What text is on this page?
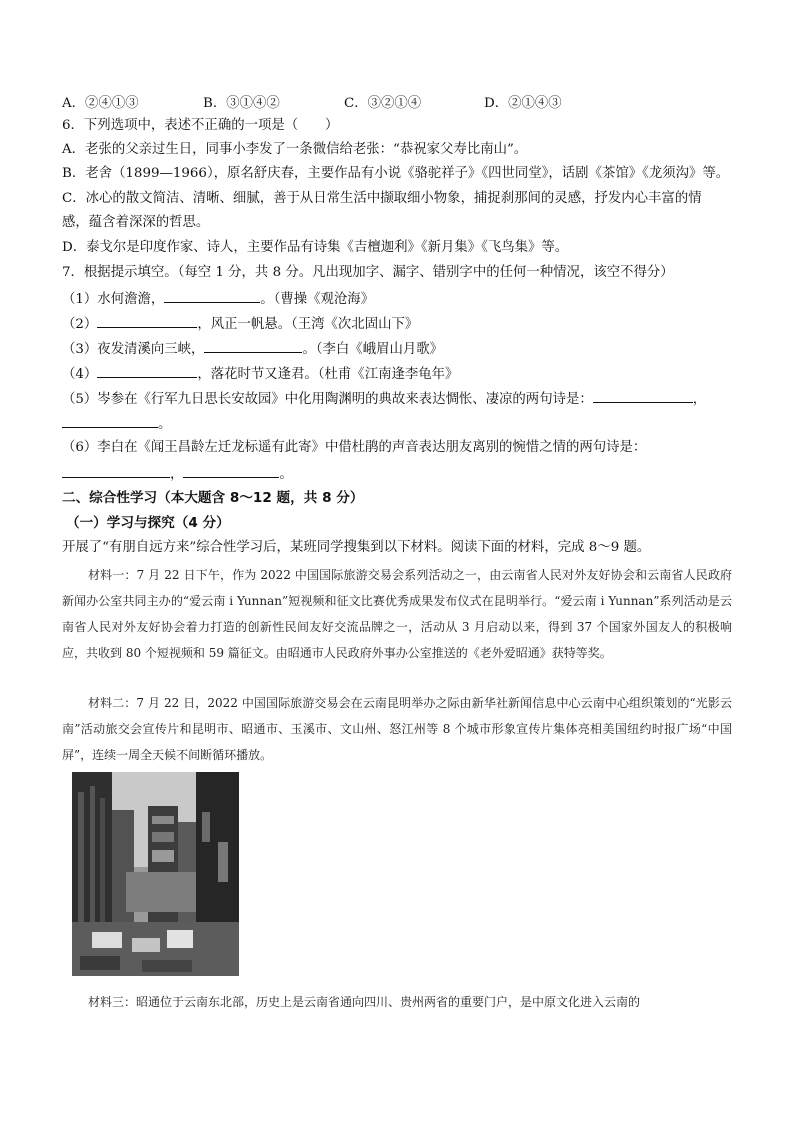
A．②④①③	B．③①④②	C．③②①④	D．②①④③
6．下列选项中，表述不正确的一项是（　　）
A．老张的父亲过生日，同事小李发了一条微信给老张：“恭祝家父寿比南山”。
B．老舍（1899—1966），原名舒庆春，主要作品有小说《骆驼祥子》《四世同堂》，话剧《茶馆》《龙须沟》等。
C．冰心的散文简洁、清晰、细腻，善于从日常生活中撷取细小物象，捕捉刹那间的灵感，抒发内心丰富的情
感，蕴含着深深的哲思。
D．泰戈尔是印度作家、诗人，主要作品有诗集《吉檀迦利》《新月集》《飞鸟集》等。
7．根据提示填空。（每空 1 分，共 8 分。凡出现加字、漏字、错别字中的任何一种情况，该空不得分）
（1）水何澹澹，	。（曹操《观沧海》
（2）	，风正一帆悬。（王湾《次北固山下》
（3）夜发清溪向三峡，	。（李白《峨眉山月歌》
（4）	，落花时节又逢君。（杜甫《江南逢李龟年》
（5）岑参在《行军九日思长安故园》中化用陶渊明的典故来表达惆怅、凄凉的两句诗是：	，
。
（6）李白在《闻王昌龄左迁龙标遥有此寄》中借杜鹃的声音表达朋友离别的惋惜之情的两句诗是：
，	。
二、综合性学习（本大题含 8～12 题，共 8 分）
（一）学习与探究（4 分）
开展了“有朋自远方来”综合性学习后，某班同学搜集到以下材料。阅读下面的材料，完成 8～9 题。

材料一：7 月 22 日下午，作为 2022 中国国际旅游交易会系列活动之一，由云南省人民对外友好协会和云南省人民政府新闻办公室共同主办的“爱云南 i Yunnan”短视频和征文比赛优秀成果发布仪式在昆明举行。“爱云南 i Yunnan”系列活动是云南省人民对外友好协会着力打造的创新性民间友好交流品牌之一，活动从 3 月启动以来，得到 37 个国家外国友人的积极响应，共收到 80 个短视频和 59 篇征文。由昭通市人民政府外事办公室推送的《老外爱昭通》获特等奖。

材料二：7 月 22 日，2022 中国国际旅游交易会在云南昆明举办之际由新华社新闻信息中心云南中心组织策划的“光影云南”活动旅交会宣传片和昆明市、昭通市、玉溪市、文山州、怒江州等 8 个城市形象宣传片集体亮相美国纽约时报广场“中国屏”，连续一周全天候不间断循环播放。

材料三：昭通位于云南东北部，历史上是云南省通向四川、贵州两省的重要门户，是中原文化进入云南的
